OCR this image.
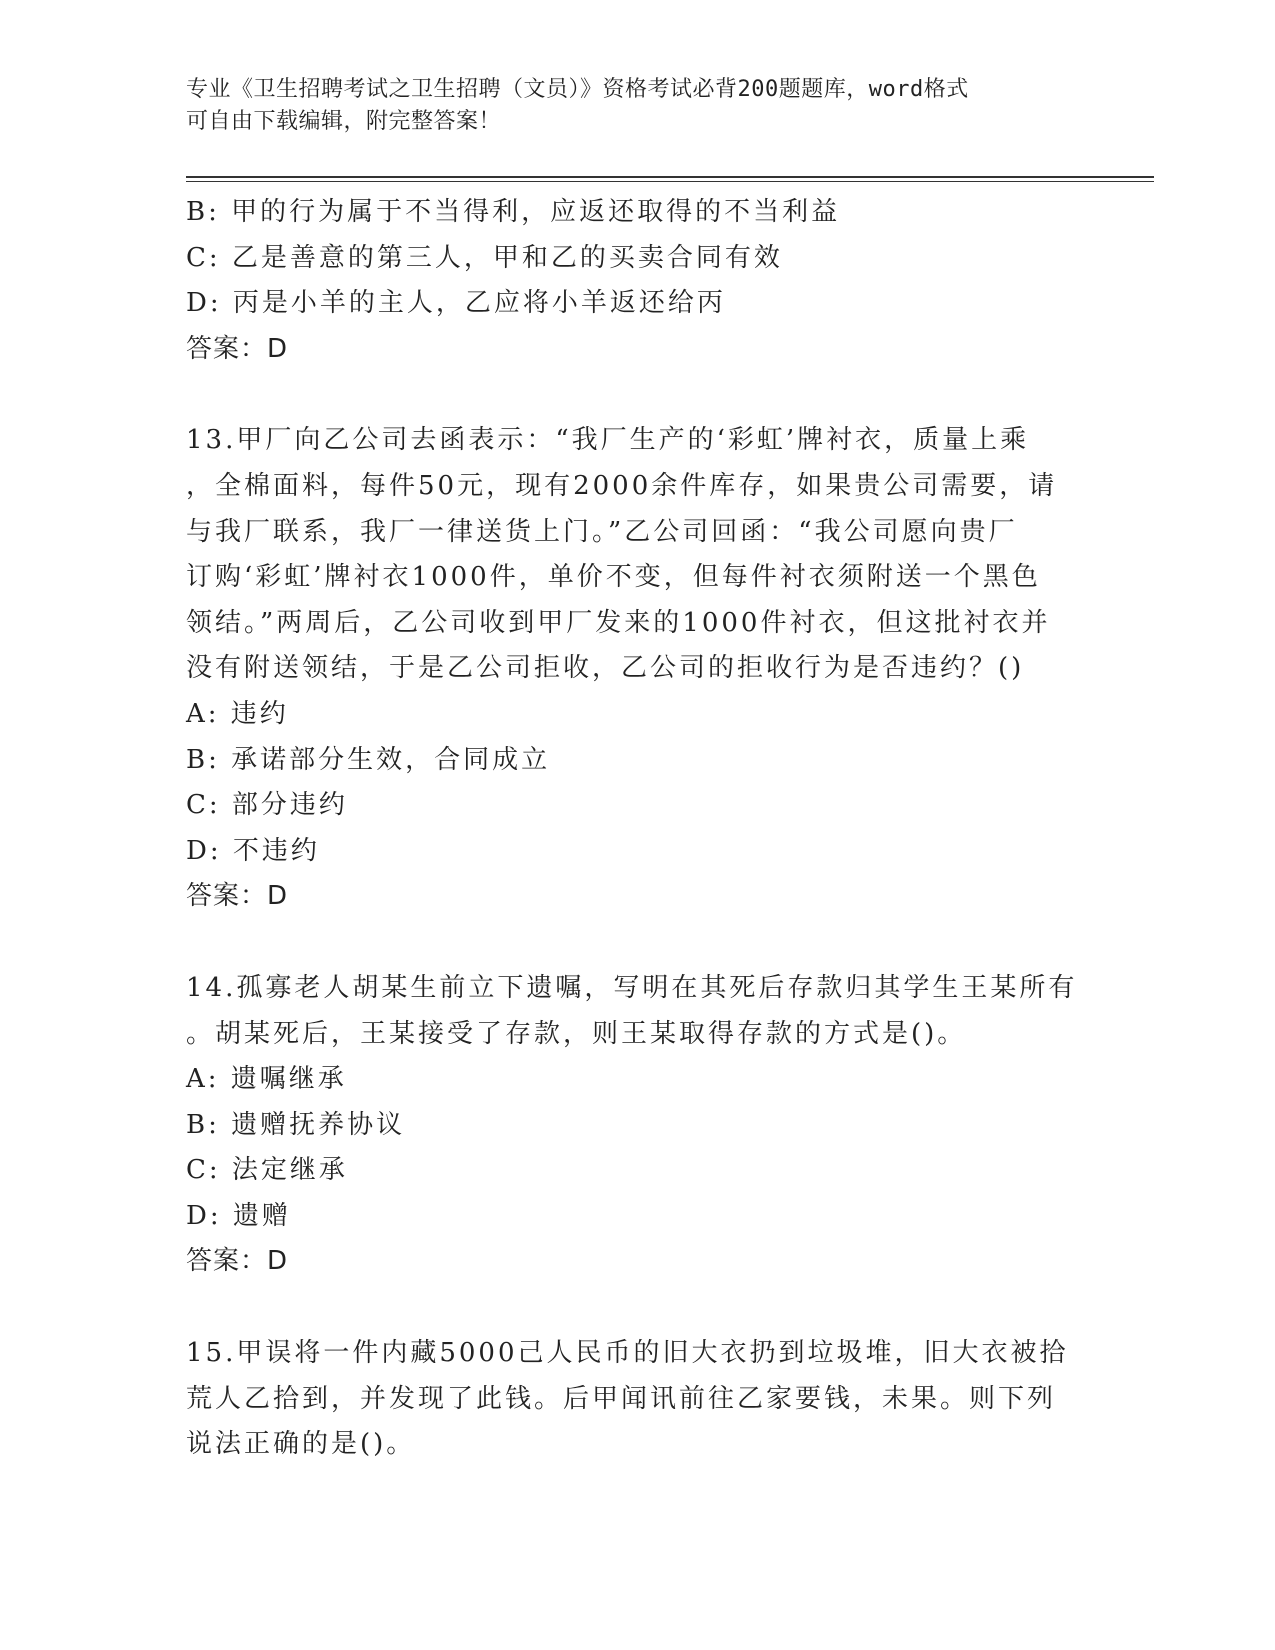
专业《卫生招聘考试之卫生招聘（文员）》资格考试必背200题题库，word格式
可自由下载编辑，附完整答案！
B: 甲的行为属于不当得利，应返还取得的不当利益
C: 乙是善意的第三人，甲和乙的买卖合同有效
D: 丙是小羊的主人，乙应将小羊返还给丙
答案：D
13.甲厂向乙公司去函表示：“我厂生产的‘彩虹’牌衬衣，质量上乘
，全棉面料，每件50元，现有2000余件库存，如果贵公司需要，请
与我厂联系，我厂一律送货上门。”乙公司回函：“我公司愿向贵厂
订购‘彩虹’牌衬衣1000件，单价不变，但每件衬衣须附送一个黑色
领结。”两周后，乙公司收到甲厂发来的1000件衬衣，但这批衬衣并
没有附送领结，于是乙公司拒收，乙公司的拒收行为是否违约？()
A: 违约
B: 承诺部分生效，合同成立
C: 部分违约
D: 不违约
答案：D
14.孤寡老人胡某生前立下遗嘱，写明在其死后存款归其学生王某所有
。胡某死后，王某接受了存款，则王某取得存款的方式是()。
A: 遗嘱继承
B: 遗赠抚养协议
C: 法定继承
D: 遗赠
答案：D
15.甲误将一件内藏5000己人民币的旧大衣扔到垃圾堆，旧大衣被拾
荒人乙拾到，并发现了此钱。后甲闻讯前往乙家要钱，未果。则下列
说法正确的是()。
